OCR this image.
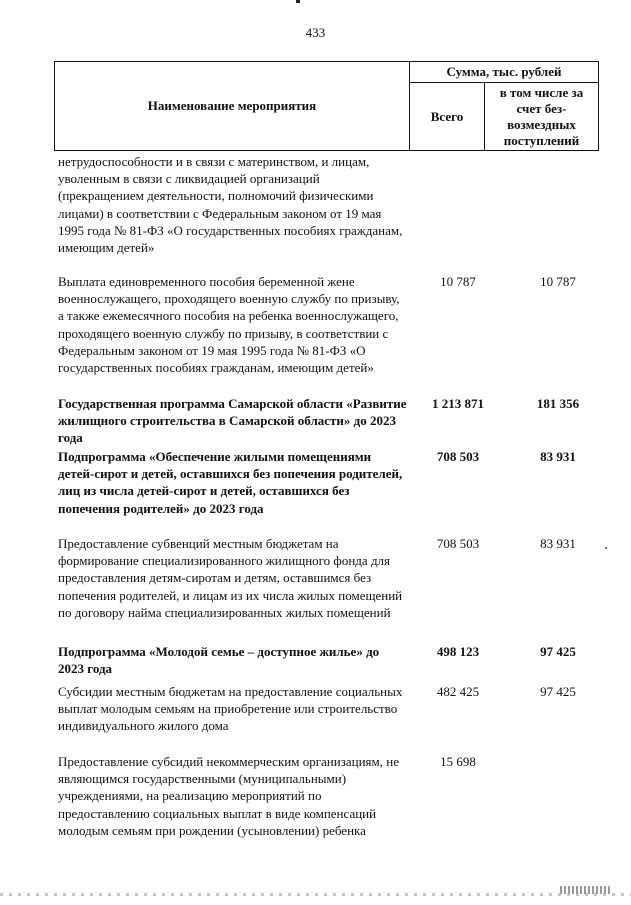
433
Наименование мероприятия
Сумма, тыс. рублей
Всего
в том числе за счет без-возмездных поступлений
нетрудоспособности и в связи с материнством, и лицам, уволенным в связи с ликвидацией организаций (прекращением деятельности, полномочий физическими лицами) в соответствии с Федеральным законом от 19 мая 1995 года № 81-ФЗ «О государственных пособиях гражданам, имеющим детей»
Выплата единовременного пособия беременной жене военнослужащего, проходящего военную службу по призыву, а также ежемесячного пособия на ребенка военнослужащего, проходящего военную службу по призыву, в соответствии с Федеральным законом от 19 мая 1995 года № 81-ФЗ «О государственных пособиях гражданам, имеющим детей»
10 787	10 787
Государственная программа Самарской области «Развитие жилищного строительства в Самарской области» до 2023 года
1 213 871	181 356
Подпрограмма «Обеспечение жилыми помещениями детей-сирот и детей, оставшихся без попечения родителей, лиц из числа детей-сирот и детей, оставшихся без попечения родителей» до 2023 года
708 503	83 931
Предоставление субвенций местным бюджетам на формирование специализированного жилищного фонда для предоставления детям-сиротам и детям, оставшимся без попечения родителей, и лицам из их числа жилых помещений по договору найма специализированных жилых помещений
708 503	83 931
Подпрограмма «Молодой семье – доступное жилье» до 2023 года
498 123	97 425
Субсидии местным бюджетам на предоставление социальных выплат молодым семьям на приобретение или строительство индивидуального жилого дома
482 425	97 425
Предоставление субсидий некоммерческим организациям, не являющимся государственными (муниципальными) учреждениями, на реализацию мероприятий по предоставлению социальных выплат в виде компенсаций молодым семьям при рождении (усыновлении) ребенка
15 698
